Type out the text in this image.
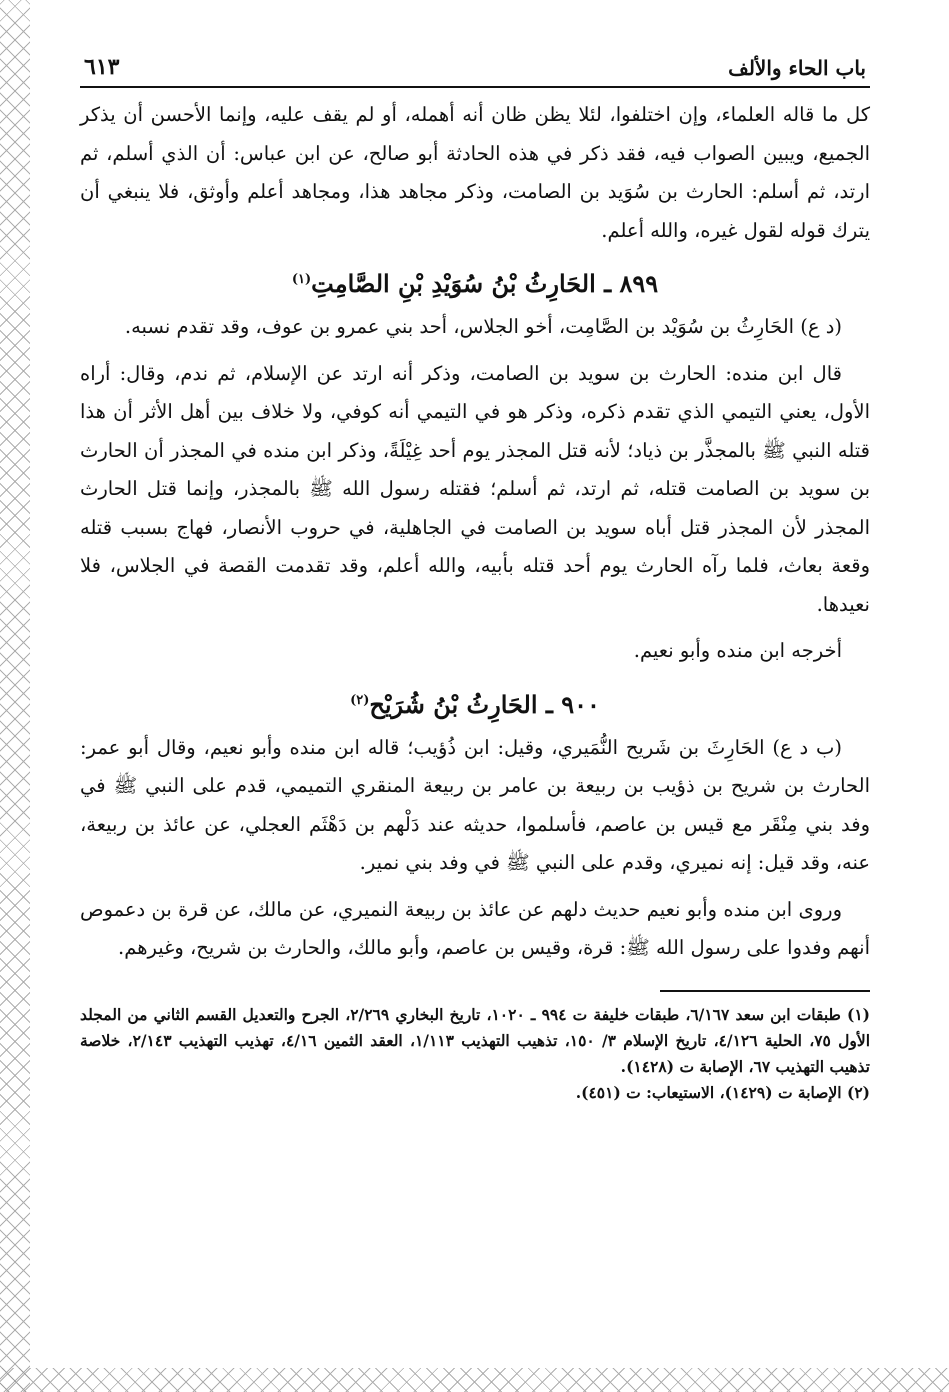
باب الحاء والألف
٦١٣

كل ما قاله العلماء، وإن اختلفوا، لئلا يظن ظان أنه أهمله، أو لم يقف عليه، وإنما الأحسن أن يذكر الجميع، ويبين الصواب فيه، فقد ذكر في هذه الحادثة أبو صالح، عن ابن عباس: أن الذي أسلم، ثم ارتد، ثم أسلم: الحارث بن سُوَيد بن الصامت، وذكر مجاهد هذا، ومجاهد أعلم وأوثق، فلا ينبغي أن يترك قوله لقول غيره، والله أعلم.

٨٩٩ ـ الحَارِثُ بْنُ سُوَيْدِ بْنِ الصَّامِتِ$^{(١)}$

(د ع) الحَارِثُ بن سُوَيْد بن الصَّامِت، أخو الجلاس، أحد بني عمرو بن عوف، وقد تقدم نسبه.

قال ابن منده: الحارث بن سويد بن الصامت، وذكر أنه ارتد عن الإسلام، ثم ندم، وقال: أراه الأول، يعني التيمي الذي تقدم ذكره، وذكر هو في التيمي أنه كوفي، ولا خلاف بين أهل الأثر أن هذا قتله النبي ﷺ بالمجذَّر بن ذياد؛ لأنه قتل المجذر يوم أحد غِيْلَةً، وذكر ابن منده في المجذر أن الحارث بن سويد بن الصامت قتله، ثم ارتد، ثم أسلم؛ فقتله رسول الله ﷺ بالمجذر، وإنما قتل الحارث المجذر لأن المجذر قتل أباه سويد بن الصامت في الجاهلية، في حروب الأنصار، فهاج بسبب قتله وقعة بعاث، فلما رآه الحارث يوم أحد قتله بأبيه، والله أعلم، وقد تقدمت القصة في الجلاس، فلا نعيدها.

أخرجه ابن منده وأبو نعيم.

٩٠٠ ـ الحَارِثُ بْنُ شُرَيْح$^{(٢)}$

(ب د ع) الحَارِثَ بن شَريح النُّمَيري، وقيل: ابن ذُؤيب؛ قاله ابن منده وأبو نعيم، وقال أبو عمر: الحارث بن شريح بن ذؤيب بن ربيعة بن عامر بن ربيعة المنقري التميمي، قدم على النبي ﷺ في وفد بني مِنْقَر مع قيس بن عاصم، فأسلموا، حديثه عند دَلْهم بن دَهْثَم العجلي، عن عائذ بن ربيعة، عنه، وقد قيل: إنه نميري، وقدم على النبي ﷺ في وفد بني نمير.

وروى ابن منده وأبو نعيم حديث دلهم عن عائذ بن ربيعة النميري، عن مالك، عن قرة بن دعموص أنهم وفدوا على رسول الله ﷺ: قرة، وقيس بن عاصم، وأبو مالك، والحارث بن شريح، وغيرهم.

(١) طبقات ابن سعد ٦/١٦٧، طبقات خليفة ت ٩٩٤ ـ ١٠٢٠، تاريخ البخاري ٢/٢٦٩، الجرح والتعديل القسم الثاني من المجلد الأول ٧٥، الحلية ٤/١٢٦، تاريخ الإسلام ٣/ ١٥٠، تذهيب التهذيب ١/١١٣، العقد الثمين ٤/١٦، تهذيب التهذيب ٢/١٤٣، خلاصة تذهيب التهذيب ٦٧، الإصابة ت (١٤٢٨).

(٢) الإصابة ت (١٤٢٩)، الاستيعاب: ت (٤٥١).
